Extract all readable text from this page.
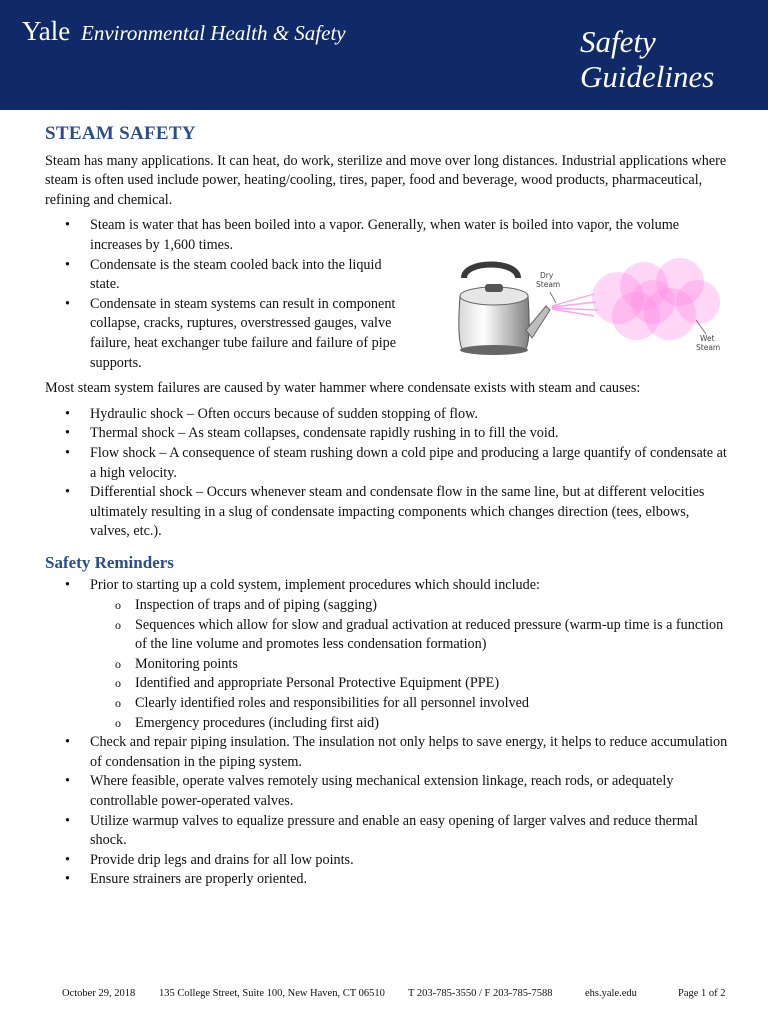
Yale Environmental Health & Safety	Safety
Guidelines
STEAM SAFETY

Steam has many applications. It can heat, do work, sterilize and move over long distances. Industrial applications where steam is often used include power, heating/cooling, tires, paper, food and beverage, wood products, pharmaceutical, refining and chemical.

• Steam is water that has been boiled into a vapor. Generally, when water is boiled into vapor, the volume increases by 1,600 times.
• Condensate is the steam cooled back into the liquid state.
• Condensate in steam systems can result in component collapse, cracks, ruptures, overstressed gauges, valve failure, heat exchanger tube failure and failure of pipe supports.

Most steam system failures are caused by water hammer where condensate exists with steam and causes:

• Hydraulic shock – Often occurs because of sudden stopping of flow.
• Thermal shock – As steam collapses, condensate rapidly rushing in to fill the void.
• Flow shock – A consequence of steam rushing down a cold pipe and producing a large quantify of condensate at a high velocity.
• Differential shock – Occurs whenever steam and condensate flow in the same line, but at different velocities ultimately resulting in a slug of condensate impacting components which changes direction (tees, elbows, valves, etc.).
Safety Reminders
• Prior to starting up a cold system, implement procedures which should include:
o Inspection of traps and of piping (sagging)
o Sequences which allow for slow and gradual activation at reduced pressure (warm-up time is a function of the line volume and promotes less condensation formation)
o Monitoring points
o Identified and appropriate Personal Protective Equipment (PPE)
o Clearly identified roles and responsibilities for all personnel involved
o Emergency procedures (including first aid)
• Check and repair piping insulation. The insulation not only helps to save energy, it helps to reduce accumulation of condensation in the piping system.
• Where feasible, operate valves remotely using mechanical extension linkage, reach rods, or adequately controllable power-operated valves.
• Utilize warmup valves to equalize pressure and enable an easy opening of larger valves and reduce thermal shock.
• Provide drip legs and drains for all low points.
• Ensure strainers are properly oriented.
Dry
Steam
Wet
Steam
October 29, 2018 135 College Street, Suite 100, New Haven, CT 06510 T 203-785-3550 / F 203-785-7588	ehs.yale.edu	Page 1 of 2
